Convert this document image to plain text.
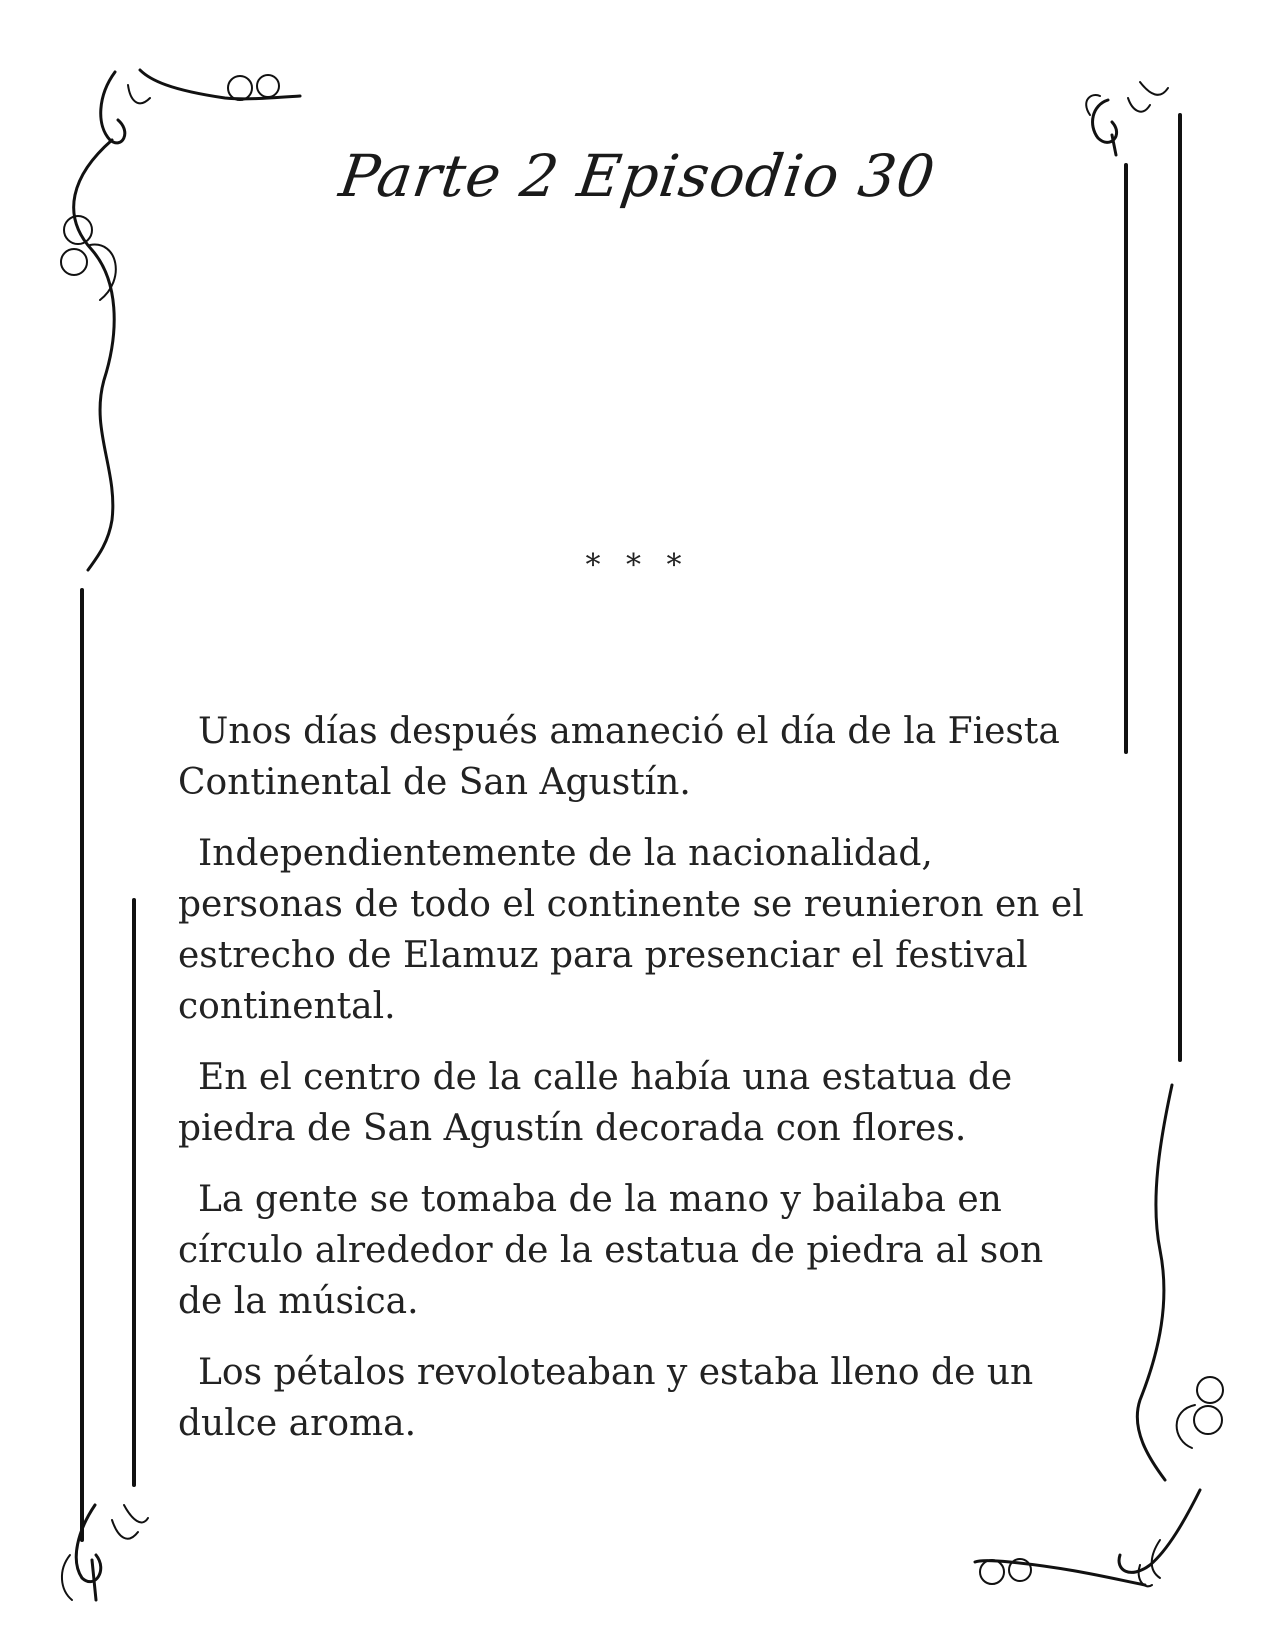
Parte 2 Episodio 30
* * *

Unos días después amaneció el día de la Fiesta Continental de San Agustín.

Independientemente de la nacionalidad, personas de todo el continente se reunieron en el estrecho de Elamuz para presenciar el festival continental.

En el centro de la calle había una estatua de piedra de San Agustín decorada con flores.

La gente se tomaba de la mano y bailaba en círculo alrededor de la estatua de piedra al son de la música.

Los pétalos revoloteaban y estaba lleno de un dulce aroma.
